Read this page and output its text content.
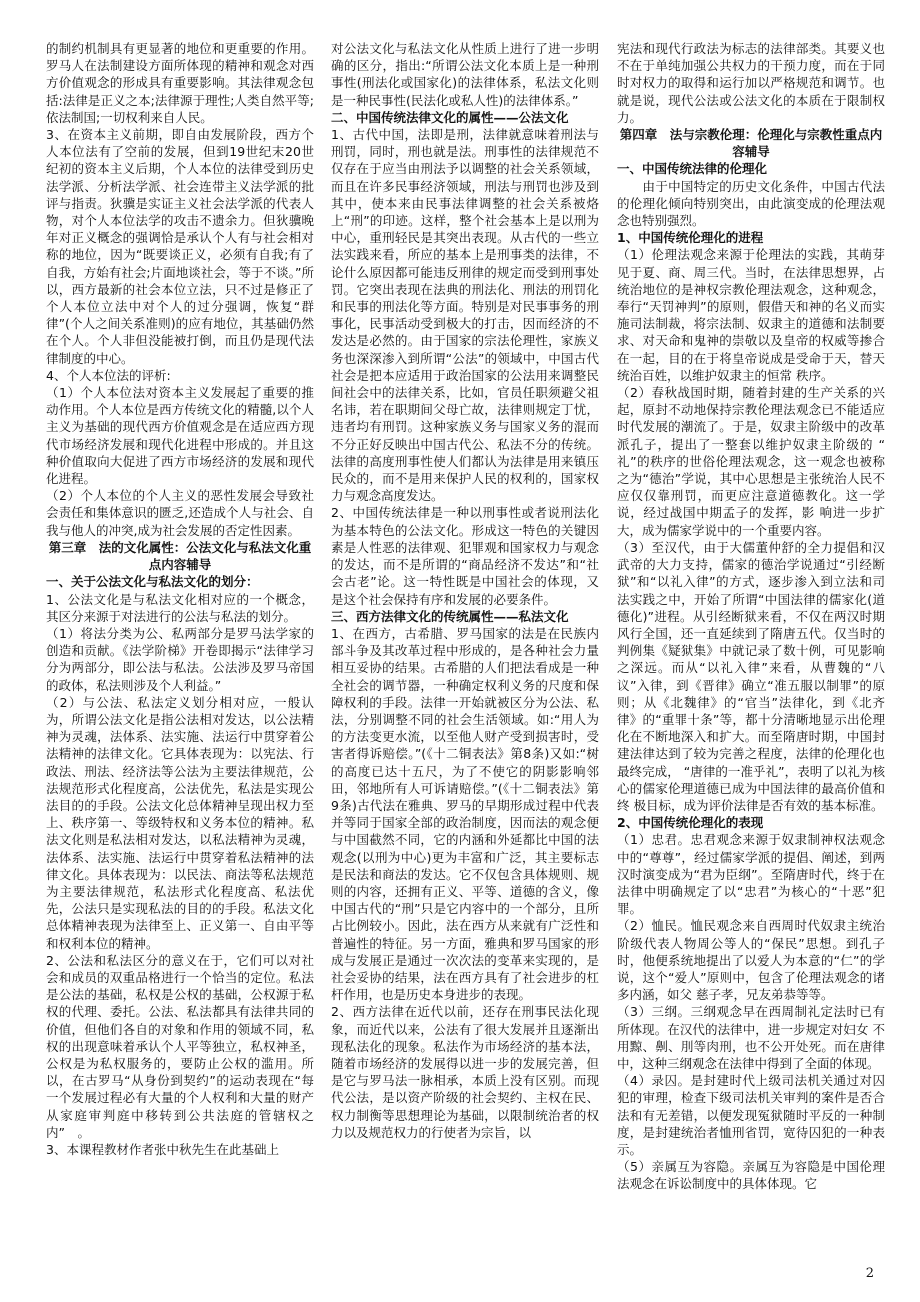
的制约机制具有更显著的地位和更重要的作用。罗马人在法制建设方面所体现的精神和观念对西方价值观念的形成具有重要影响。其法律观念包括:法律是正义之本;法律源于理性;人类自然平等;依法制国;一切权利来自人民。

3、在资本主义前期，即自由发展阶段，西方个人本位法有了空前的发展，但到19世纪末20世纪初的资本主义后期，个人本位的法律受到历史法学派、分析法学派、社会连带主义法学派的批评与指责。狄骥是实证主义社会法学派的代表人物，对个人本位法学的攻击不遗余力。但狄骥晚年对正义概念的强调恰是承认个人有与社会相对称的地位，因为“既要谈正义，必须有自我;有了自我，方始有社会;片面地谈社会，等于不谈。”所以，西方最新的社会本位立法，只不过是修正了个人本位立法中对个人的过分强调，恢复“群律”(个人之间关系准则)的应有地位，其基础仍然在个人。个人非但没能被打倒，而且仍是现代法律制度的中心。

4、个人本位法的评析:

（1）个人本位法对资本主义发展起了重要的推动作用。个人本位是西方传统文化的精髓,以个人主义为基础的现代西方价值观念是在适应西方现代市场经济发展和现代化进程中形成的。并且这种价值取向大促进了西方市场经济的发展和现代化进程。

（2）个人本位的个人主义的恶性发展会导致社会责任和集体意识的匮乏,还造成个人与社会、自我与他人的冲突,成为社会发展的否定性因素。

第三章　法的文化属性：公法文化与私法文化重点内容辅导

一、关于公法文化与私法文化的划分：

1、公法文化是与私法文化相对应的一个概念，其区分来源于对法进行的公法与私法的划分。

（1）将法分类为公、私两部分是罗马法学家的创造和贡献。《法学阶梯》开卷即揭示“法律学习分为两部分，即公法与私法。公法涉及罗马帝国的政体，私法则涉及个人利益。”

（2）与公法、私法定义划分相对应，一般认为，所谓公法文化是指公法相对发达，以公法精神为灵魂，法体系、法实施、法运行中贯穿着公法精神的法律文化。它具体表现为：以宪法、行政法、刑法、经济法等公法为主要法律规范，公法规范形式化程度高，公法优先，私法是实现公法目的的手段。公法文化总体精神呈现出权力至上、秩序第一、等级特权和义务本位的精神。私法文化则是私法相对发达，以私法精神为灵魂，法体系、法实施、法运行中贯穿着私法精神的法律文化。具体表现为：以民法、商法等私法规范为主要法律规范，私法形式化程度高、私法优先，公法只是实现私法的目的的手段。私法文化总体精神表现为法律至上、正义第一、自由平等和权利本位的精神。

2、公法和私法区分的意义在于，它们可以对社会和成员的双重品格进行一个恰当的定位。私法是公法的基础，私权是公权的基础，公权源于私权的代理、委托。公法、私法都具有法律共同的价值，但他们各自的对象和作用的领域不同，私权的出现意味着承认个人平等独立，私权神圣，公权是为私权服务的，要防止公权的滥用。所以，在古罗马“从身份到契约”的运动表现在“每一个发展过程必有大量的个人权利和大量的财产从家庭审判庭中移转到公共法庭的管辖权之内”　。

3、本课程教材作者张中秋先生在此基础上

对公法文化与私法文化从性质上进行了进一步明确的区分，指出:“所谓公法文化本质上是一种刑事性(刑法化或国家化)的法律体系，私法文化则是一种民事性(民法化或私人性)的法律体系。”

二、中国传统法律文化的属性——公法文化

1、古代中国，法即是刑，法律就意味着刑法与刑罚，同时，刑也就是法。刑事性的法律规范不仅存在于应当由刑法予以调整的社会关系领域，而且在许多民事经济领域，刑法与刑罚也涉及到其中，使本来由民事法律调整的社会关系被烙上“刑”的印迹。这样，整个社会基本上是以刑为中心，重刑轻民是其突出表现。从古代的一些立法实践来看，所应的基本上是刑事类的法律，不论什么原因都可能违反刑律的规定而受到刑事处罚。它突出表现在法典的刑法化、刑法的刑罚化和民事的刑法化等方面。特别是对民事事务的刑事化，民事活动受到极大的打击，因而经济的不发达是必然的。由于国家的宗法伦理性，家族义务也深深渗入到所谓“公法”的领域中，中国古代社会是把本应适用于政治国家的公法用来调整民间社会中的法律关系，比如，官员任职须避父祖名讳，若在职期间父母亡故，法律则规定丁忧，违者均有刑罚。这种家族义务与国家义务的混而不分正好反映出中国古代公、私法不分的传统。法律的高度刑事性使人们都认为法律是用来镇压民众的，而不是用来保护人民的权利的，国家权力与观念高度发达。

2、中国传统法律是一种以刑事性或者说刑法化为基本特色的公法文化。形成这一特色的关键因素是人性恶的法律观、犯罪观和国家权力与观念的发达，而不是所谓的“商品经济不发达”和“社会古老”论。这一特性既是中国社会的体现，又是这个社会保持有序和发展的必要条件。

三、西方法律文化的传统属性——私法文化

1、在西方，古希腊、罗马国家的法是在民族内部斗争及其改革过程中形成的，是各种社会力量相互妥协的结果。古希腊的人们把法看成是一种全社会的调节器，一种确定权利义务的尺度和保障权利的手段。法律一开始就被区分为公法、私法，分别调整不同的社会生活领域。如:“用人为的方法变更水流，以至他人财产受到损害时，受害者得诉赔偿。”(《十二铜表法》第8条)又如:“树的高度已达十五尺，为了不使它的阴影影响邻田，邻地所有人可诉请赔偿。”(《十二铜表法》第9条)古代法在雅典、罗马的早期形成过程中代表并等同于国家全部的政治制度，因而法的观念便与中国截然不同，它的内涵和外延都比中国的法观念(以刑为中心)更为丰富和广泛，其主要标志是民法和商法的发达。它不仅包含具体规则、规则的内容，还拥有正义、平等、道德的含义，像中国古代的“刑”只是它内容中的一个部分，且所占比例较小。因此，法在西方从来就有广泛性和普遍性的特征。另一方面，雅典和罗马国家的形成与发展正是通过一次次法的变革来实现的，是社会妥协的结果，法在西方具有了社会进步的杠杆作用，也是历史本身进步的表现。

2、西方法律在近代以前，还存在刑事民法化现象，而近代以来，公法有了很大发展并且逐渐出现私法化的现象。私法作为市场经济的基本法，随着市场经济的发展得以进一步的发展完善，但是它与罗马法一脉相承，本质上没有区别。而现代公法，是以资产阶级的社会契约、主权在民、权力制衡等思想理论为基础，以限制统治者的权力以及规范权力的行使者为宗旨，以

宪法和现代行政法为标志的法律部类。其要义也不在于单纯加强公共权力的干预力度，而在于同时对权力的取得和运行加以严格规范和调节。也就是说，现代公法或公法文化的本质在于限制权力。

第四章　法与宗教伦理：伦理化与宗教性重点内容辅导

一、中国传统法律的伦理化

　　由于中国特定的历史文化条件，中国古代法的伦理化倾向特别突出，由此演变成的伦理法观念也特别强烈。

1、中国传统伦理化的进程

（1）伦理法观念来源于伦理法的实践，其萌芽见于夏、商、周三代。当时，在法律思想界，占统治地位的是神权宗教伦理法观念，这种观念，奉行“天罚神判”的原则，假借天和神的名义而实施司法制裁，将宗法制、奴隶主的道德和法制要求、对天命和鬼神的崇敬以及皇帝的权威等掺合在一起，目的在于将皇帝说成是受命于天，替天统治百姓，以维护奴隶主的恒常 秩序。

（2）春秋战国时期，随着封建的生产关系的兴起，原封不动地保持宗教伦理法观念已不能适应时代发展的潮流了。于是，奴隶主阶级中的改革派孔子，提出了一整套以维护奴隶主阶级的 “ 礼”的秩序的世俗伦理法观念，这一观念也被称之为“德治”学说，其中心思想是主张统治人民不应仅仅靠刑罚，而更应注意道德教化。这一学说，经过战国中期孟子的发挥，影 响进一步扩大，成为儒家学说中的一个重要内容。

（3）至汉代，由于大儒董仲舒的全力提倡和汉武帝的大力支持，儒家的德治学说通过“引经断狱”和“以礼入律”的方式，逐步渗入到立法和司法实践之中，开始了所谓“中国法律的儒家化(道德化)”进程。从引经断狱来看，不仅在两汉时期风行全国，还一直延续到了隋唐五代。仅当时的判例集《疑狱集》中就记录了数十例，可见影响之深远。而从“以礼入律”来看，从曹魏的“八议”入律，到《晋律》确立“准五服以制罪”的原则；从《北魏律》的“官当”法律化，到《北齐律》的“重罪十条”等，都十分清晰地显示出伦理化在不断地深入和扩大。而至隋唐时期，中国封建法律达到了较为完善之程度，法律的伦理化也最终完成， “唐律的一准乎礼”，表明了以礼为核心的儒家伦理道德已成为中国法律的最高价值和终 极目标，成为评价法律是否有效的基本标准。

2、中国传统伦理化的表现

（1）忠君。忠君观念来源于奴隶制神权法观念中的“尊尊”，经过儒家学派的提倡、阐述，到两汉时演变成为“君为臣纲”。至隋唐时代，终于在法律中明确规定了以“忠君”为核心的“十恶”犯罪。

（2）恤民。恤民观念来自西周时代奴隶主统治阶级代表人物周公等人的“保民”思想。到孔子时，他便系统地提出了以爱人为本意的“仁”的学说，这个“爱人”原则中，包含了伦理法观念的诸多内涵，如父 慈子孝，兄友弟恭等等。

（3）三纲。三纲观念早在西周制礼定法时已有所体现。在汉代的法律中，进一步规定对妇女 不用黥、劓、刖等肉刑，也不公开处死。而在唐律中，这种三纲观念在法律中得到了全面的体现。

（4）录囚。是封建时代上级司法机关通过对囚犯的审理，检查下级司法机关审判的案件是否合法和有无差错，以便发现冤狱随时平反的一种制度，是封建统治者恤刑省罚，宽待囚犯的一种表示。

（5）亲属互为容隐。亲属互为容隐是中国伦理法观念在诉讼制度中的具体体现。它

2
